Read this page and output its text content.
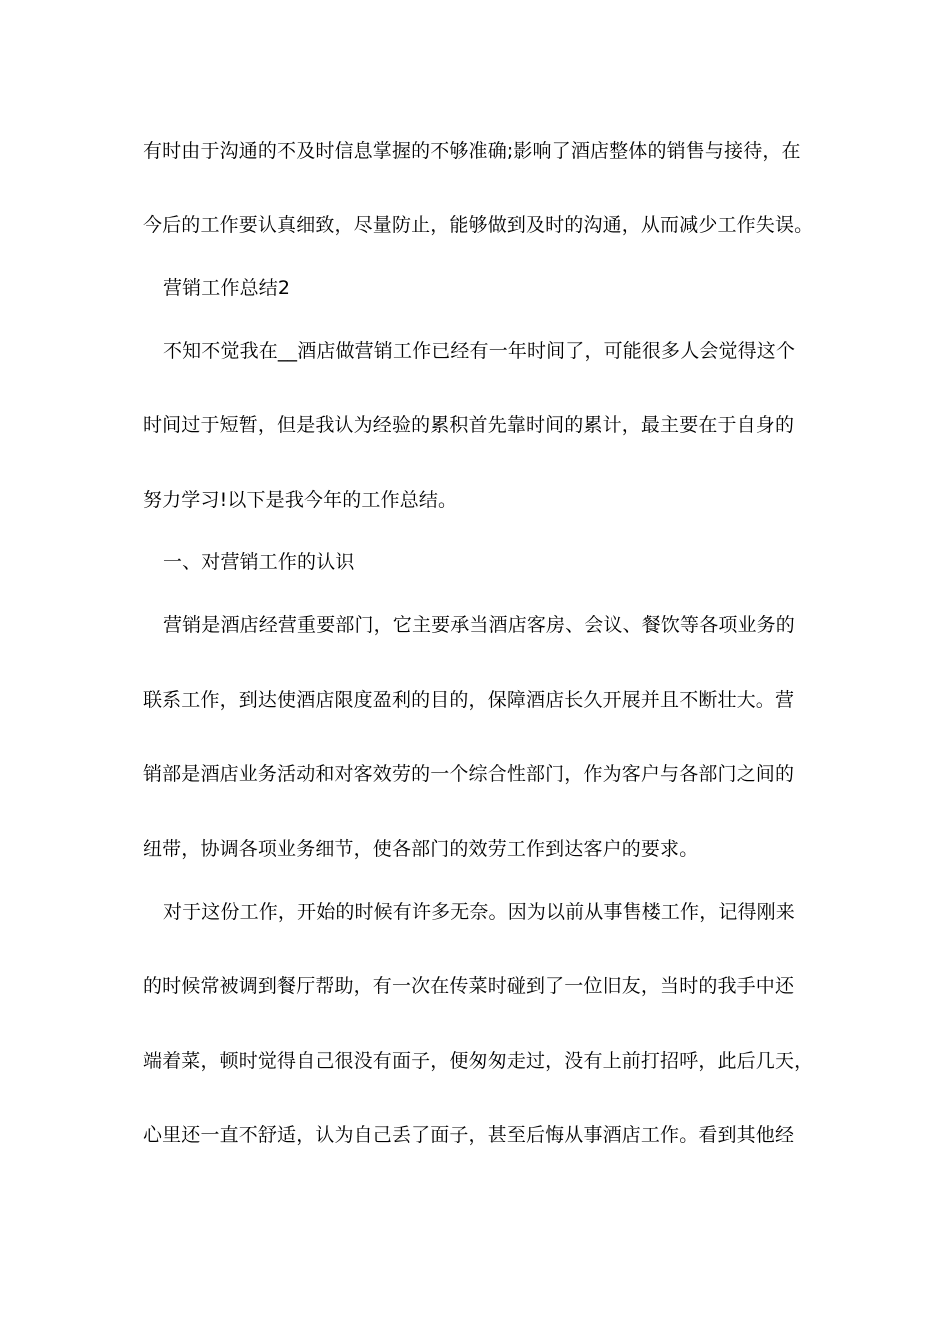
有时由于沟通的不及时信息掌握的不够准确;影响了酒店整体的销售与接待，在
今后的工作要认真细致，尽量防止，能够做到及时的沟通，从而减少工作失误。
营销工作总结2
不知不觉我在__酒店做营销工作已经有一年时间了，可能很多人会觉得这个
时间过于短暂，但是我认为经验的累积首先靠时间的累计，最主要在于自身的
努力学习!以下是我今年的工作总结。
一、对营销工作的认识
营销是酒店经营重要部门，它主要承当酒店客房、会议、餐饮等各项业务的
联系工作，到达使酒店限度盈利的目的，保障酒店长久开展并且不断壮大。营
销部是酒店业务活动和对客效劳的一个综合性部门，作为客户与各部门之间的
纽带，协调各项业务细节，使各部门的效劳工作到达客户的要求。
对于这份工作，开始的时候有许多无奈。因为以前从事售楼工作，记得刚来
的时候常被调到餐厅帮助，有一次在传菜时碰到了一位旧友，当时的我手中还
端着菜，顿时觉得自己很没有面子，便匆匆走过，没有上前打招呼，此后几天，
心里还一直不舒适，认为自己丢了面子，甚至后悔从事酒店工作。看到其他经
